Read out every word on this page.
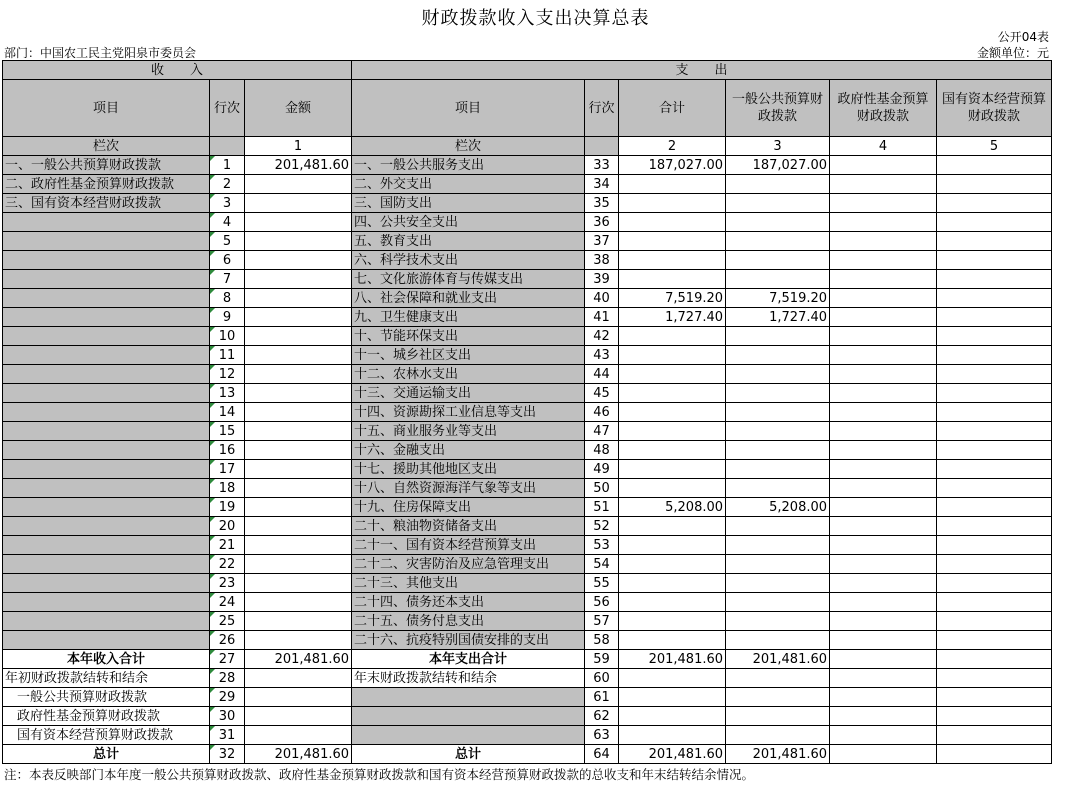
财政拨款收入支出决算总表
公开04表
部门：中国农工民主党阳泉市委员会	金额单位：元
收　　入			支　　出					
项目	行次	金额	项目	行次	合计	一般公共预算财政拨款	政府性基金预算财政拨款	国有资本经营预算财政拨款
栏次		1	栏次		2	3	4	5
一、一般公共预算财政拨款	1	201,481.60	一、一般公共服务支出	33	187,027.00	187,027.00		
二、政府性基金预算财政拨款	2		二、外交支出	34				
三、国有资本经营财政拨款	3		三、国防支出	35				
	4		四、公共安全支出	36				
	5		五、教育支出	37				
	6		六、科学技术支出	38				
	7		七、文化旅游体育与传媒支出	39				
	8		八、社会保障和就业支出	40	7,519.20	7,519.20		
	9		九、卫生健康支出	41	1,727.40	1,727.40		
	10		十、节能环保支出	42				
	11		十一、城乡社区支出	43				
	12		十二、农林水支出	44				
	13		十三、交通运输支出	45				
	14		十四、资源勘探工业信息等支出	46				
	15		十五、商业服务业等支出	47				
	16		十六、金融支出	48				
	17		十七、援助其他地区支出	49				
	18		十八、自然资源海洋气象等支出	50				
	19		十九、住房保障支出	51	5,208.00	5,208.00		
	20		二十、粮油物资储备支出	52				
	21		二十一、国有资本经营预算支出	53				
	22		二十二、灾害防治及应急管理支出	54				
	23		二十三、其他支出	55				
	24		二十四、债务还本支出	56				
	25		二十五、债务付息支出	57				
	26		二十六、抗疫特别国债安排的支出	58				
本年收入合计	27	201,481.60	本年支出合计	59	201,481.60	201,481.60		
年初财政拨款结转和结余	28		年末财政拨款结转和结余	60				
一般公共预算财政拨款	29			61				
政府性基金预算财政拨款	30			62				
国有资本经营预算财政拨款	31			63				
总计	32	201,481.60	总计	64	201,481.60	201,481.60		
注：本表反映部门本年度一般公共预算财政拨款、政府性基金预算财政拨款和国有资本经营预算财政拨款的总收支和年末结转结余情况。
